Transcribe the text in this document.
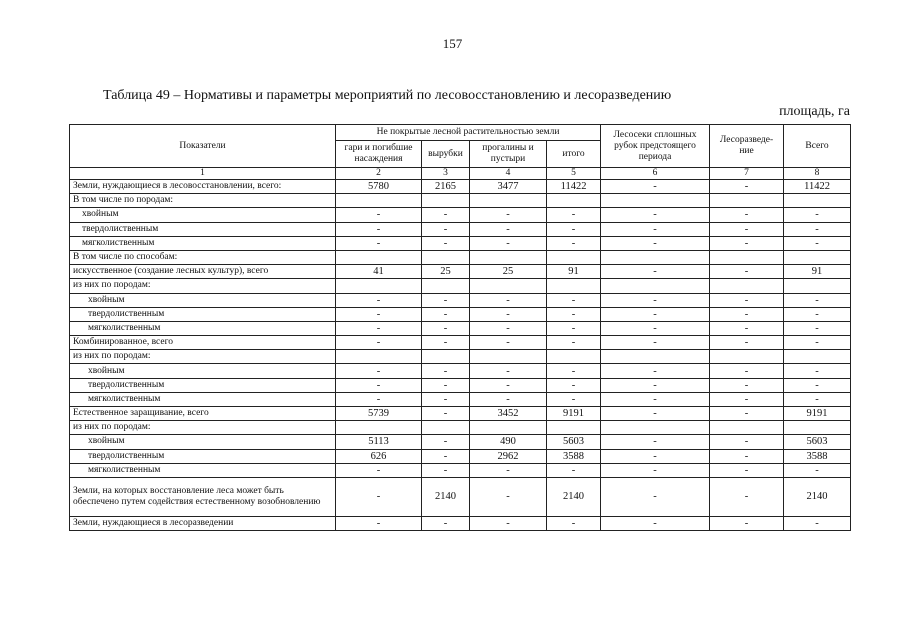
157
Таблица 49 – Нормативы и параметры мероприятий по лесовосстановлению и лесоразведению
площадь, га
Показатели	Не покрытые лесной растительностью земли				Лесосеки сплошных рубок предстоящего периода	Лесоразведе-ние	Всего
	гари и погибшие насаждения	вырубки	прогалины и пустыри	итого			
1	2	3	4	5	6	7	8
Земли, нуждающиеся в лесовосстановлении, всего:	5780	2165	3477	11422	-	-	11422
В том числе по породам:							
хвойным	-	-	-	-	-	-	-
твердолиственным	-	-	-	-	-	-	-
мягколиственным	-	-	-	-	-	-	-
В том числе по способам:							
искусственное (создание лесных культур), всего	41	25	25	91	-	-	91
из них по породам:							
хвойным	-	-	-	-	-	-	-
твердолиственным	-	-	-	-	-	-	-
мягколиственным	-	-	-	-	-	-	-
Комбинированное, всего	-	-	-	-	-	-	-
из них по породам:							
хвойным	-	-	-	-	-	-	-
твердолиственным	-	-	-	-	-	-	-
мягколиственным	-	-	-	-	-	-	-
Естественное заращивание, всего	5739	-	3452	9191	-	-	9191
из них по породам:							
хвойным	5113	-	490	5603	-	-	5603
твердолиственным	626	-	2962	3588	-	-	3588
мягколиственным	-	-	-	-	-	-	-
Земли, на которых восстановление леса может быть обеспечено путем содействия естественному возобновлению	-	2140	-	2140	-	-	2140
Земли, нуждающиеся в лесоразведении	-	-	-	-	-	-	-
